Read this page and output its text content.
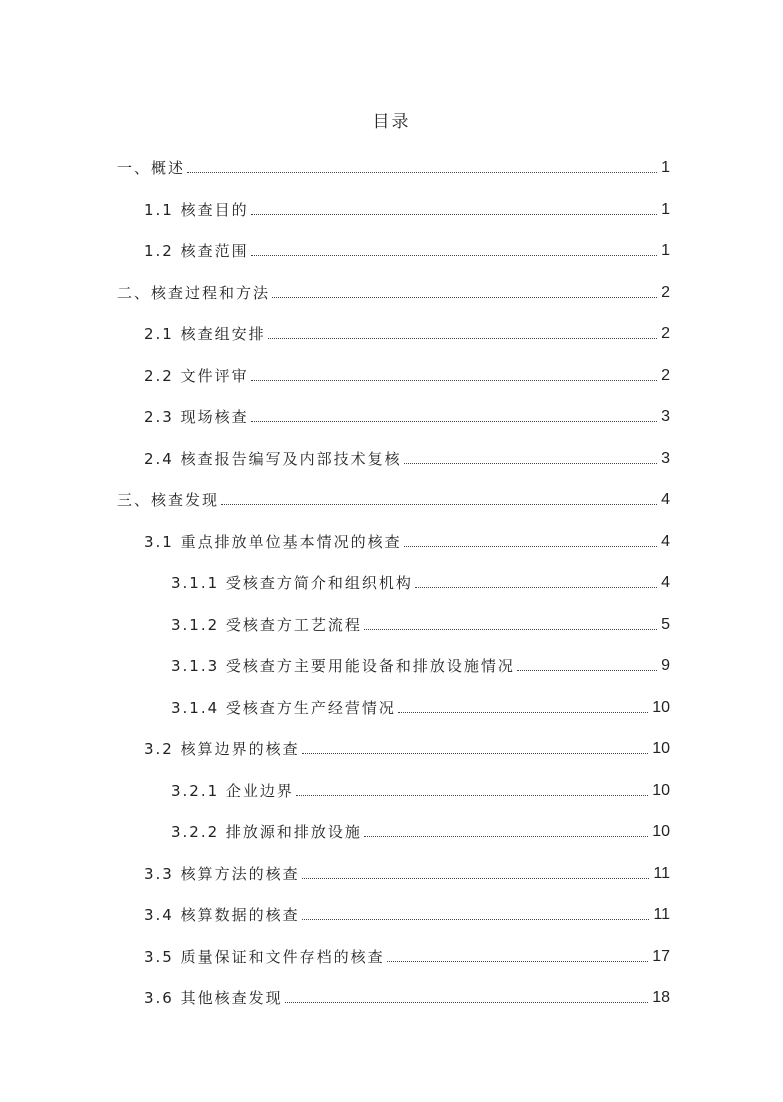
目录
一、概述	1
1.1 核查目的	1
1.2 核查范围	1
二、核查过程和方法	2
2.1 核查组安排	2
2.2 文件评审	2
2.3 现场核查	3
2.4 核查报告编写及内部技术复核	3
三、核查发现	4
3.1 重点排放单位基本情况的核查	4
3.1.1 受核查方简介和组织机构	4
3.1.2 受核查方工艺流程	5
3.1.3 受核查方主要用能设备和排放设施情况	9
3.1.4 受核查方生产经营情况	10
3.2 核算边界的核查	10
3.2.1 企业边界	10
3.2.2 排放源和排放设施	10
3.3 核算方法的核查	11
3.4 核算数据的核查	11
3.5 质量保证和文件存档的核查	17
3.6 其他核查发现	18
